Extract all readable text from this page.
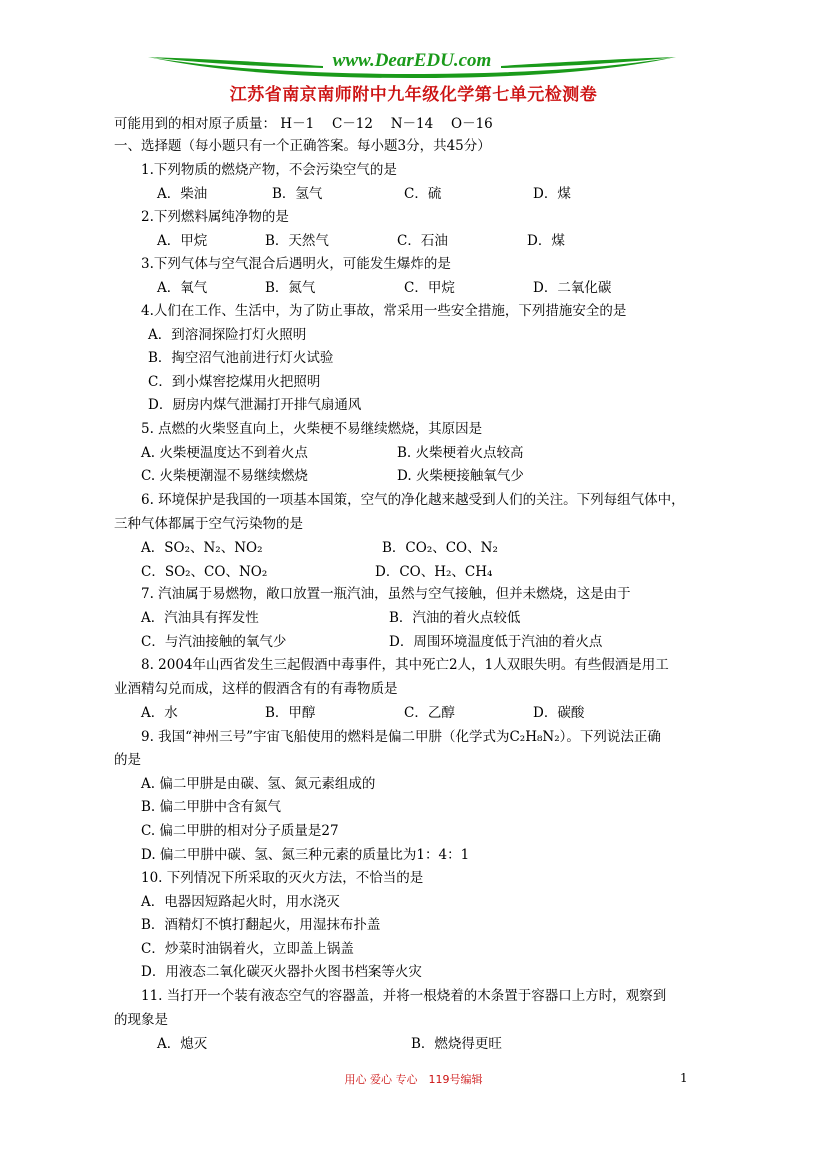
www.DearEDU.com
江苏省南京南师附中九年级化学第七单元检测卷
可能用到的相对原子质量： H－1　 C－12　 N－14　 O－16
一、选择题（每小题只有一个正确答案。每小题3分，共45分）
1.下列物质的燃烧产物，不会污染空气的是
A．柴油	B．氢气	C．硫	D．煤
2.下列燃料属纯净物的是
A．甲烷	B．天然气	C．石油	D．煤
3.下列气体与空气混合后遇明火，可能发生爆炸的是
A．氧气	B．氮气	C．甲烷	D．二氧化碳
4.人们在工作、生活中，为了防止事故，常采用一些安全措施，下列措施安全的是
A．到溶洞探险打灯火照明
B．掏空沼气池前进行灯火试验
C．到小煤窖挖煤用火把照明
D．厨房内煤气泄漏打开排气扇通风
5. 点燃的火柴竖直向上，火柴梗不易继续燃烧，其原因是
A. 火柴梗温度达不到着火点	B. 火柴梗着火点较高
C. 火柴梗潮湿不易继续燃烧	D. 火柴梗接触氧气少
6. 环境保护是我国的一项基本国策，空气的净化越来越受到人们的关注。下列每组气体中，
三种气体都属于空气污染物的是
A．SO₂、N₂、NO₂	B．CO₂、CO、N₂
C．SO₂、CO、NO₂	D．CO、H₂、CH₄
7. 汽油属于易燃物，敞口放置一瓶汽油，虽然与空气接触，但并未燃烧，这是由于
A．汽油具有挥发性	B．汽油的着火点较低
C．与汽油接触的氧气少	D．周围环境温度低于汽油的着火点
8. 2004年山西省发生三起假酒中毒事件，其中死亡2人，1人双眼失明。有些假酒是用工
业酒精勾兑而成，这样的假酒含有的有毒物质是
A．水	B．甲醇	C．乙醇	D．碳酸
9. 我国“神州三号”宇宙飞船使用的燃料是偏二甲肼（化学式为C₂H₈N₂）。下列说法正确
的是
A. 偏二甲肼是由碳、氢、氮元素组成的
B. 偏二甲肼中含有氮气
C. 偏二甲肼的相对分子质量是27
D. 偏二甲肼中碳、氢、氮三种元素的质量比为1：4：1
10. 下列情况下所采取的灭火方法，不恰当的是
A．电器因短路起火时，用水浇灭
B．酒精灯不慎打翻起火，用湿抹布扑盖
C．炒菜时油锅着火，立即盖上锅盖
D．用液态二氧化碳灭火器扑火图书档案等火灾
11. 当打开一个装有液态空气的容器盖，并将一根烧着的木条置于容器口上方时，观察到
的现象是
A．熄灭	B．燃烧得更旺
用心 爱心 专心　119号编辑	1
